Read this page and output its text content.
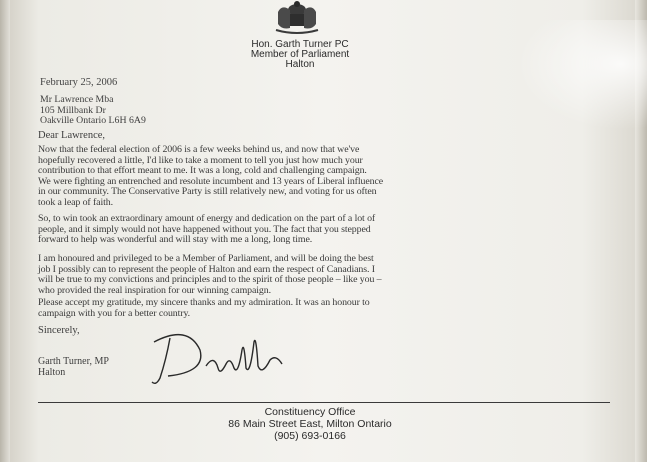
Hon. Garth Turner PC
Member of Parliament
Halton
February 25, 2006
Mr Lawrence Mba
105 Millbank Dr
Oakville Ontario L6H 6A9
Dear Lawrence,
Now that the federal election of 2006 is a few weeks behind us, and now that we've
hopefully recovered a little, I'd like to take a moment to tell you just how much your
contribution to that effort meant to me. It was a long, cold and challenging campaign.
We were fighting an entrenched and resolute incumbent and 13 years of Liberal influence
in our community. The Conservative Party is still relatively new, and voting for us often
took a leap of faith.
So, to win took an extraordinary amount of energy and dedication on the part of a lot of
people, and it simply would not have happened without you. The fact that you stepped
forward to help was wonderful and will stay with me a long, long time.
I am honoured and privileged to be a Member of Parliament, and will be doing the best
job I possibly can to represent the people of Halton and earn the respect of Canadians. I
will be true to my convictions and principles and to the spirit of those people – like you –
who provided the real inspiration for our winning campaign.
Please accept my gratitude, my sincere thanks and my admiration. It was an honour to
campaign with you for a better country.
Sincerely,
Garth Turner, MP
Halton
Constituency Office
86 Main Street East, Milton Ontario
(905) 693-0166
